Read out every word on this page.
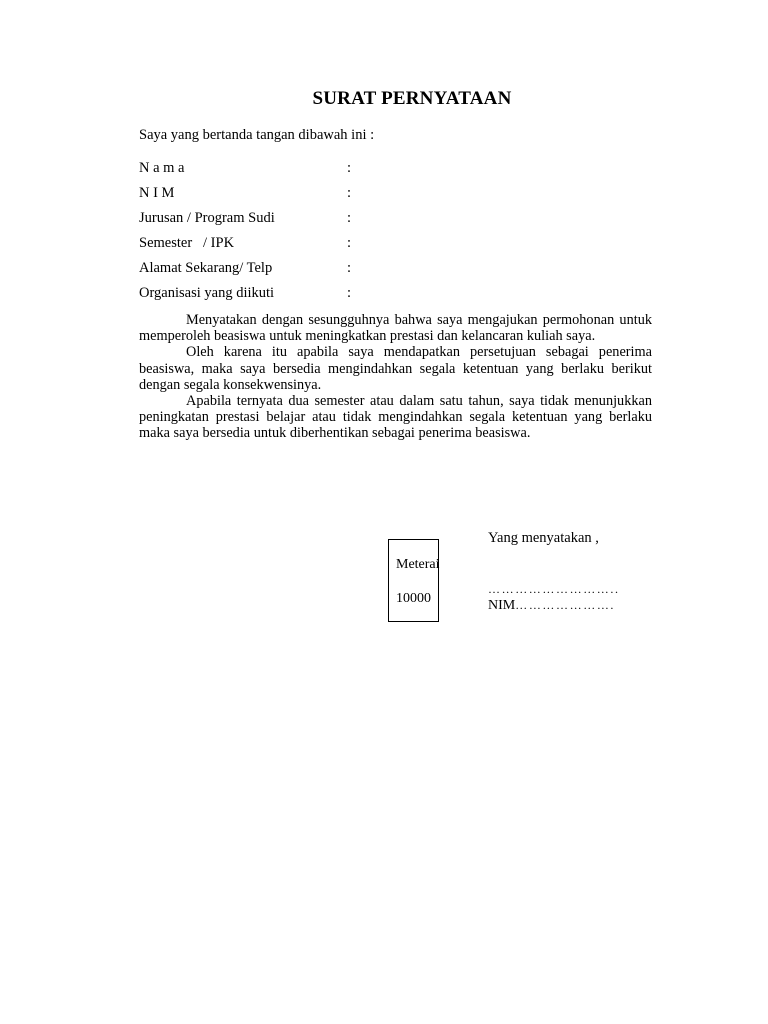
SURAT PERNYATAAN
Saya yang bertanda tangan dibawah ini :
N a m a	:
N I M	:
Jurusan / Program Sudi	:
Semester   / IPK	:
Alamat Sekarang/ Telp	:
Organisasi yang diikuti	:

Menyatakan dengan sesungguhnya bahwa saya mengajukan permohonan untuk memperoleh beasiswa untuk meningkatkan prestasi dan kelancaran kuliah saya.

Oleh karena itu apabila saya mendapatkan persetujuan sebagai penerima beasiswa, maka saya bersedia mengindahkan segala ketentuan yang berlaku berikut dengan segala konsekwensinya.

Apabila ternyata dua semester atau dalam satu tahun, saya tidak menunjukkan peningkatan prestasi belajar atau tidak mengindahkan segala ketentuan yang berlaku maka saya bersedia untuk diberhentikan sebagai penerima beasiswa.

Yang menyatakan ,
Meterai
10000
………………………..
NIM………………….
